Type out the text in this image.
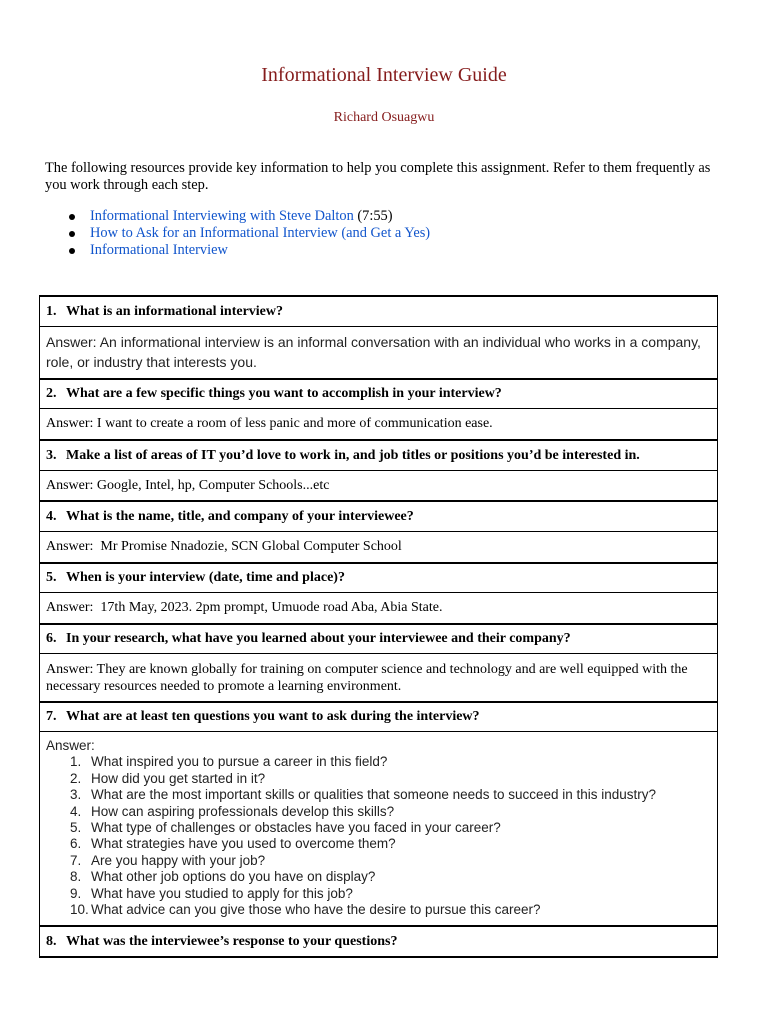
Informational Interview Guide
Richard Osuagwu

The following resources provide key information to help you complete this assignment. Refer to them frequently as you work through each step.

Informational Interviewing with Steve Dalton (7:55)
How to Ask for an Informational Interview (and Get a Yes)
Informational Interview
1. What is an informational interview?
Answer: An informational interview is an informal conversation with an individual who works in a company, role, or industry that interests you.
2. What are a few specific things you want to accomplish in your interview?
Answer: I want to create a room of less panic and more of communication ease.
3. Make a list of areas of IT you’d love to work in, and job titles or positions you’d be interested in.
Answer: Google, Intel, hp, Computer Schools...etc
4. What is the name, title, and company of your interviewee?
Answer:  Mr Promise Nnadozie, SCN Global Computer School
5. When is your interview (date, time and place)?
Answer:  17th May, 2023. 2pm prompt, Umuode road Aba, Abia State.
6. In your research, what have you learned about your interviewee and their company?
Answer: They are known globally for training on computer science and technology and are well equipped with the necessary resources needed to promote a learning environment.
7. What are at least ten questions you want to ask during the interview?
Answer:
1. What inspired you to pursue a career in this field?
2. How did you get started in it?
3. What are the most important skills or qualities that someone needs to succeed in this industry?
4. How can aspiring professionals develop this skills?
5. What type of challenges or obstacles have you faced in your career?
6. What strategies have you used to overcome them?
7. Are you happy with your job?
8. What other job options do you have on display?
9. What have you studied to apply for this job?
10. What advice can you give those who have the desire to pursue this career?
8. What was the interviewee’s response to your questions?
